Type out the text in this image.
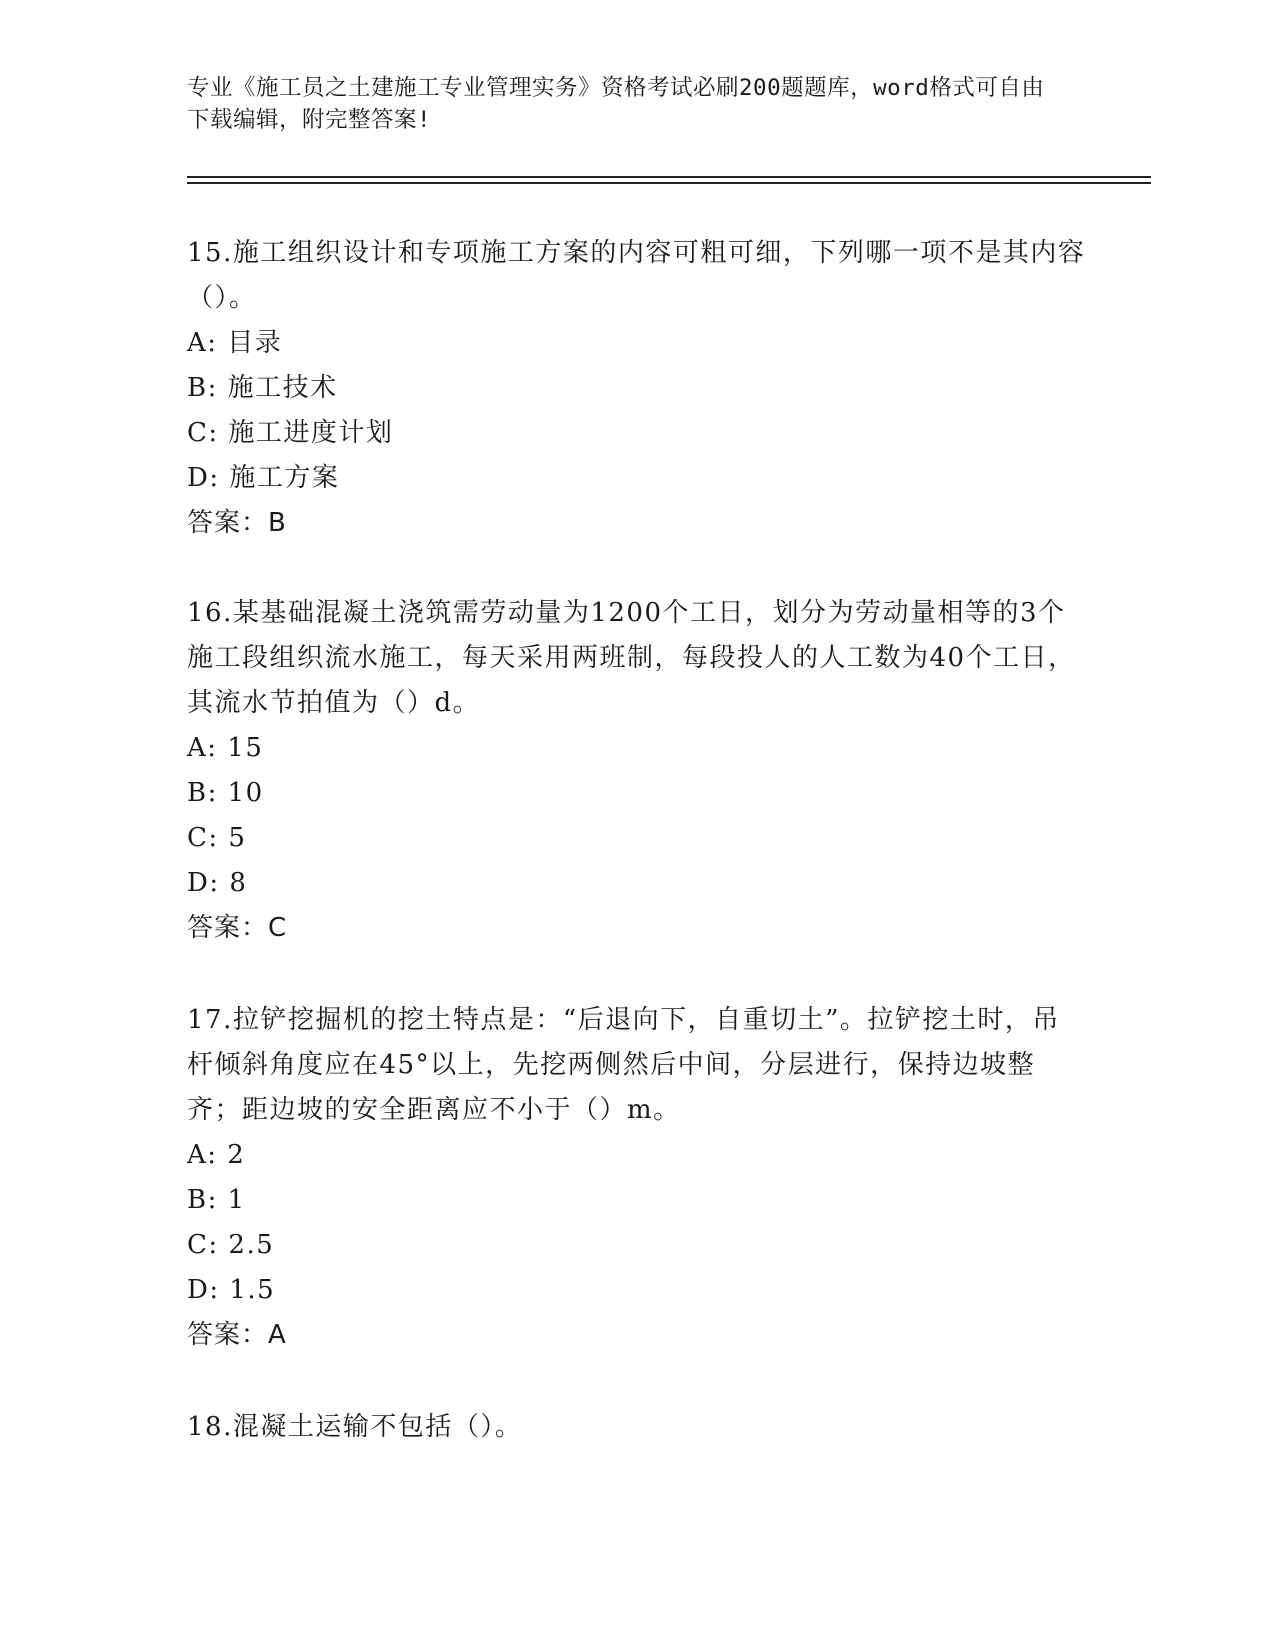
专业《施工员之土建施工专业管理实务》资格考试必刷200题题库，word格式可自由下载编辑，附完整答案!
15.施工组织设计和专项施工方案的内容可粗可细，下列哪一项不是其内容（）。
A: 目录
B: 施工技术
C: 施工进度计划
D: 施工方案
答案：B
16.某基础混凝土浇筑需劳动量为1200个工日，划分为劳动量相等的3个施工段组织流水施工，每天采用两班制，每段投人的人工数为40个工日，其流水节拍值为（）d。
A: 15
B: 10
C: 5
D: 8
答案：C
17.拉铲挖掘机的挖土特点是：“后退向下，自重切土”。拉铲挖土时，吊杆倾斜角度应在45°以上，先挖两侧然后中间，分层进行，保持边坡整齐；距边坡的安全距离应不小于（）m。
A: 2
B: 1
C: 2.5
D: 1.5
答案：A
18.混凝土运输不包括（）。
